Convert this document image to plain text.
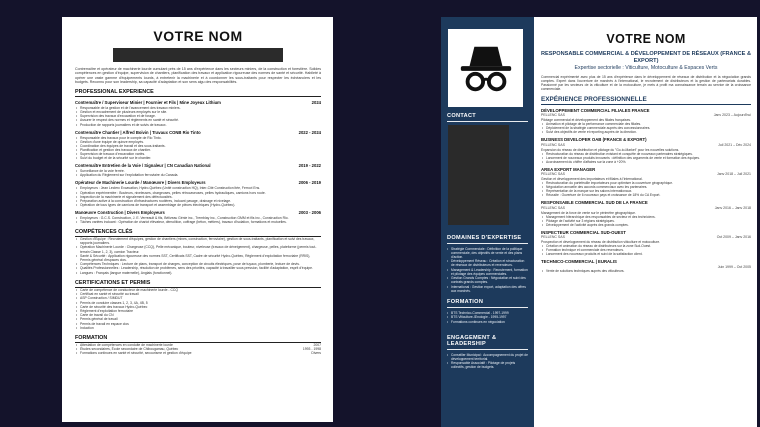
VOTRE NOM

Contremaître et opérateur de machinerie lourde cumulant près de 15 ans d'expérience dans les secteurs miniers, de la construction et forestière. Solides compétences en gestion d'équipe, supervision de chantiers, planification des travaux et application rigoureuse des normes de santé et sécurité. Habileté à opérer une vaste gamme d'équipements lourds, à entretenir la machinerie et à coordonner les sous-traitants pour respecter les échéanciers et les budgets. Reconnu pour son leadership, sa capacité d'adaptation et son sens aigu des responsabilités.

PROFESSIONAL EXPERIENCE
Contremaître / Superviseur Minier | Fournier et Fils | Mine Joyeux Lithium	2024
• Responsable de la gestion et de l'avancement des travaux miniers.
• Gestion et encadrement de plusieurs employés sur le site.
• Supervision des travaux d'excavation et de forage.
• Assurer le respect des normes et règlements en santé et sécurité.
• Production de rapports journaliers et de suivis de travaux.
Contremaître Chantier | Alfred Boivin | Travaux CONB Rio Tinto	2022 - 2024
• Responsable des travaux pour le compte de Rio Tinto.
• Gestion d'une équipe de quinze employés.
• Coordination des équipes de travail et des sous-traitants.
• Planification et gestion des travaux de chantier.
• Supervision de travaux d'excavation variés.
• Suivi du budget et de la sécurité sur le chantier.
Contremaître Entretien de la Voie / Signaleur | CN Canadian National	2019 - 2022
• Surveillance de la voie ferrée.
• Application du Règlement sur l'exploitation ferroviaire du Canada.
Opérateur de Machinerie Lourde / Manœuvre | Divers Employeurs	2006 - 2019
• Employeurs : Jean Leclerc Excavation, Hydro-Québec (Unité construction HQ), Inter-Cité Construction ltée, Ferrovi Ens.
• Opération expérimentée : Bouteurs, niveleuses, chargeuses, pelles rétrocaveuses, pelles hydrauliques, camions hors route.
• Inspection de la machinerie et signalement des défectuosités.
• Préparation active à la construction d'infrastructures routières, incluant pavage, drainage et nivelage.
• Opération de tous types de camions de transport et assemblage de pièces électriques (Hydro-Québec).
Manœuvre Construction | Divers Employeurs	2003 - 2006
• Employeurs : G.C.S. Construction, J. E. Verreault & fils, Béliveau Génie inc., Tremblay inc., Construction GMM et fils inc., Construction Rio.
• Tâches variées incluant : Opération de chariot élévateur, démolition, coffrage (béton, métiers), travaux d'isolation, formations et mutuelles.
COMPÉTENCES CLÉS
• Gestion d'Équipe : Recrutement d'équipes, gestion de chantiers (mines, construction, ferroviaire), gestion de sous-traitants, planification et suivi des travaux, rapports journaliers.
• Opération Machinerie Lourde : Chargeuse (CCQ), Pelle mécanique, bouteur, niveleuse (travaux de déneigement), chargeuse, pelles, plateforme (permis tout-terrain Classe 1, 2, 3), camion Tracteur.
• Santé & Sécurité : Application rigoureuse des normes SST, Certificats SST, Cadre de sécurité Hydro-Québec, Règlement d'exploitation ferroviaire (RRIS), Permis général d'espaces clos.
• Compétences Techniques : Lecture de plans, transport de charges, conception de circuits électriques, pose de tuyaux, plomberie, lecture de devis.
• Qualités Professionnelles : Leadership, résolution de problèmes, sens des priorités, capacité à travailler sous pression, facilité d'adaptation, esprit d'équipe.
• Langues : Français (langue maternelle), Anglais (fonctionnel).
CERTIFICATIONS ET PERMIS
• Carte de compétence de conducteur de machinerie lourde - CCQ
• Certificat en santé et sécurité au travail
• ASP Construction / SIMDUT
• Permis de conduire classes 1, 2, 3, 4A, 4B, 5
• Carte de sécurité des travaux Hydro-Québec
• Règlement d'exploitation ferroviaire
• Carte de travail du CN
• Permis général de travail
• Permis de travail en espace clos
• Induction
FORMATION
• Attestation de compétences en conduite de machinerie lourde	2007
• Études secondaires, École secondaire de Chibougamau, Québec	1993 - 1998
• Formations continues en santé et sécurité, secourisme et gestion d'équipe	Divers
CONTACT
DOMAINES D'EXPERTISE
• Stratégie Commerciale : Définition de la politique commerciale, des objectifs de vente et des plans d'action.
• Développement Réseau : Création et structuration de réseaux de distributeurs et revendeurs.
• Management & Leadership : Recrutement, formation et pilotage des équipes commerciales.
• Gestion Grands Comptes : Négociation et suivi des contrats grands comptes.
• International : Gestion export, adaptation des offres aux marchés.
FORMATION
• BTS Technico-Commercial - 1997-1999
• BTS Viticulture-Œnologie - 1995-1997
• Formations continues en négociation
ENGAGEMENT & LEADERSHIP
• Conseiller Municipal : Accompagnement du projet de développement territorial.
• Responsable Associatif : Pilotage de projets collectifs, gestion de budgets.
VOTRE NOM
RESPONSABLE COMMERCIAL & DÉVELOPPEMENT DE RÉSEAUX (FRANCE & EXPORT)
Expertise sectorielle : Viticulture, Motoculture & Espaces Verts

Commercial expérimenté avec plus de 15 ans d'expérience dans le développement de réseaux de distribution et la négociation grands comptes. Expert dans l'ouverture de marchés à l'international, le recrutement de distributeurs et la gestion de partenariats durables. Passionné par les secteurs de la viticulture et de la motoculture, je mets à profit ma connaissance terrain au service de la croissance commerciale.

EXPÉRIENCE PROFESSIONNELLE
DÉVELOPPEMENT COMMERCIAL FILIALES FRANCE
PELLENC SAS	Janv 2023 – Aujourd'hui
Pilotage commercial et développement des filiales françaises.
• Animation et pilotage de la performance commerciale des filiales.
• Déploiement de la stratégie commerciale auprès des concessionnaires.
• Suivi des objectifs de vente et reporting auprès de la direction.
BUSINESS DEVELOPER OAB (FRANCE & EXPORT)
PELLENC SAS	Juil 2021 – Déc 2024
Expansion du réseau de distribution et pilotage du "Go-to-Market" pour les nouvelles solutions.
• Restructuration du réseau de distribution existant et conquête de nouveaux partenaires stratégiques.
• Lancement de nouveaux produits innovants : définition des arguments de vente et formation des équipes.
• Accroissement du chiffre d'affaires sur la zone à +20%.
AREA EXPORT MANAGER
PELLENC SAS	Janv 2018 – Juil 2021
Gestion et développement des importateurs et filiales à l'international.
• Restructuration du portefeuille importateurs pour optimiser la couverture géographique.
• Négociation annuelle des accords commerciaux avec les partenaires.
• Représentation de la marque sur les salons internationaux.
• Réussite : Ouverture de 6 nouveaux pays et croissance de 18% du CA Export.
RESPONSABLE COMMERCIAL SUD DE LA FRANCE
PELLENC SAS	Janv 2016 – Janv 2018
Management de la force de vente sur le périmètre géographique.
• Management hiérarchique des responsables de secteur et des techniciens.
• Pilotage de l'activité sur 3 régions stratégiques.
• Développement de l'activité auprès des grands comptes.
INSPECTEUR COMMERCIAL SUD-OUEST
PELLENC SAS	Oct 2009 – Janv 2016
Prospection et développement du réseau de distribution viticulture et motoculture.
• Création et animation du réseau de distributeurs sur la zone Sud-Ouest.
• Formation technique et commerciale des revendeurs.
• Lancement des nouveaux produits et suivi de la satisfaction client.
TECHNICO-COMMERCIAL | EURALIS
Juin 1999 – Oct 2005
• Vente de solutions techniques auprès des viticulteurs.
